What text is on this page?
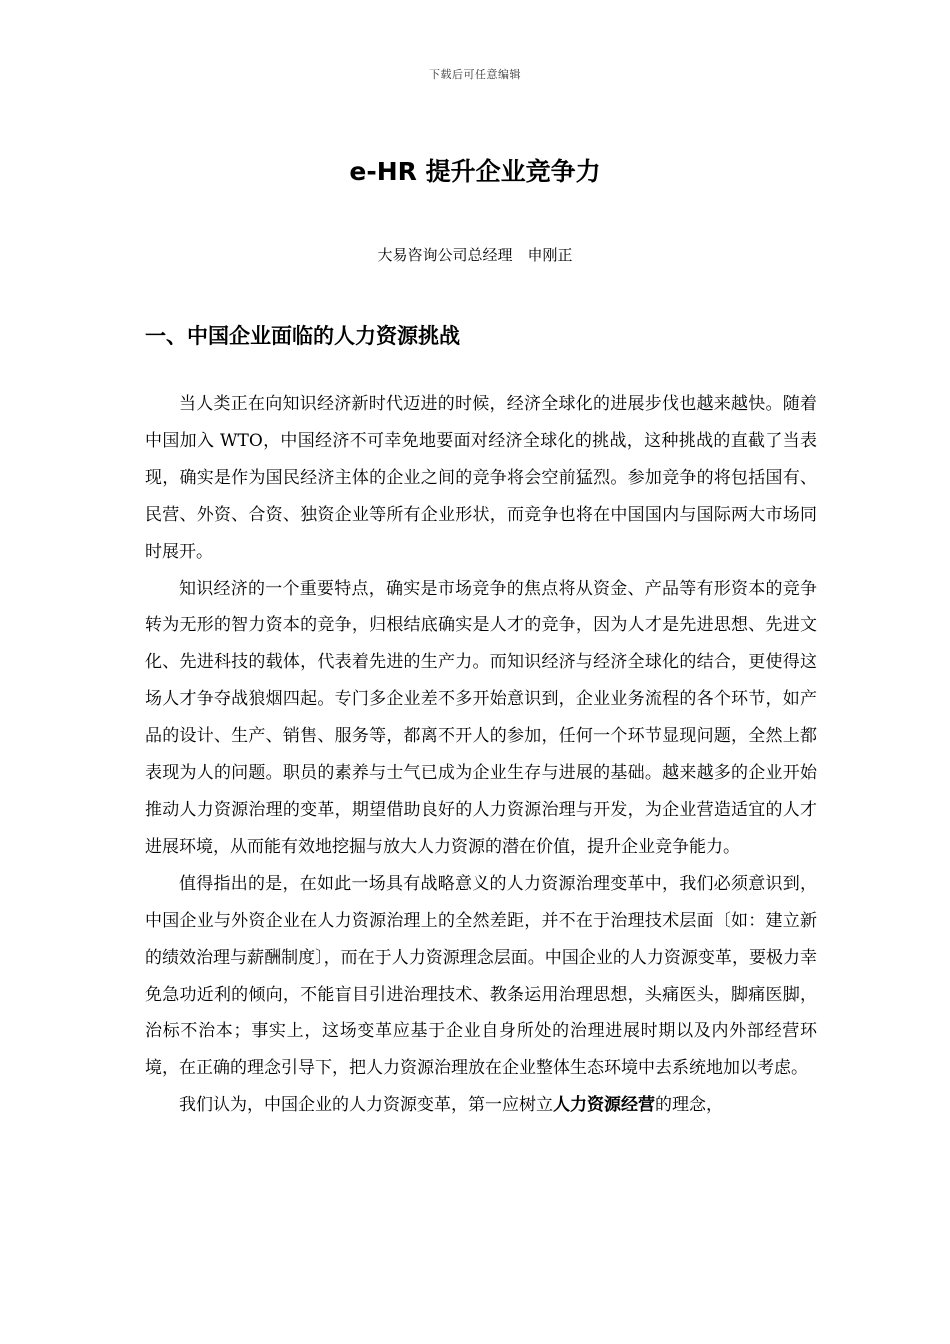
下载后可任意编辑
e-HR 提升企业竞争力
大易咨询公司总经理　申刚正
一、中国企业面临的人力资源挑战

当人类正在向知识经济新时代迈进的时候，经济全球化的进展步伐也越来越快。随着中国加入 WTO，中国经济不可幸免地要面对经济全球化的挑战，这种挑战的直截了当表现，确实是作为国民经济主体的企业之间的竞争将会空前猛烈。参加竞争的将包括国有、民营、外资、合资、独资企业等所有企业形状，而竞争也将在中国国内与国际两大市场同时展开。

知识经济的一个重要特点，确实是市场竞争的焦点将从资金、产品等有形资本的竞争转为无形的智力资本的竞争，归根结底确实是人才的竞争，因为人才是先进思想、先进文化、先进科技的载体，代表着先进的生产力。而知识经济与经济全球化的结合，更使得这场人才争夺战狼烟四起。专门多企业差不多开始意识到，企业业务流程的各个环节，如产品的设计、生产、销售、服务等，都离不开人的参加，任何一个环节显现问题，全然上都表现为人的问题。职员的素养与士气已成为企业生存与进展的基础。越来越多的企业开始推动人力资源治理的变革，期望借助良好的人力资源治理与开发，为企业营造适宜的人才进展环境，从而能有效地挖掘与放大人力资源的潜在价值，提升企业竞争能力。

值得指出的是，在如此一场具有战略意义的人力资源治理变革中，我们必须意识到，中国企业与外资企业在人力资源治理上的全然差距，并不在于治理技术层面〔如：建立新的绩效治理与薪酬制度〕，而在于人力资源理念层面。中国企业的人力资源变革，要极力幸免急功近利的倾向，不能盲目引进治理技术、教条运用治理思想，头痛医头，脚痛医脚，治标不治本；事实上，这场变革应基于企业自身所处的治理进展时期以及内外部经营环境，在正确的理念引导下，把人力资源治理放在企业整体生态环境中去系统地加以考虑。

我们认为，中国企业的人力资源变革，第一应树立人力资源经营的理念，
